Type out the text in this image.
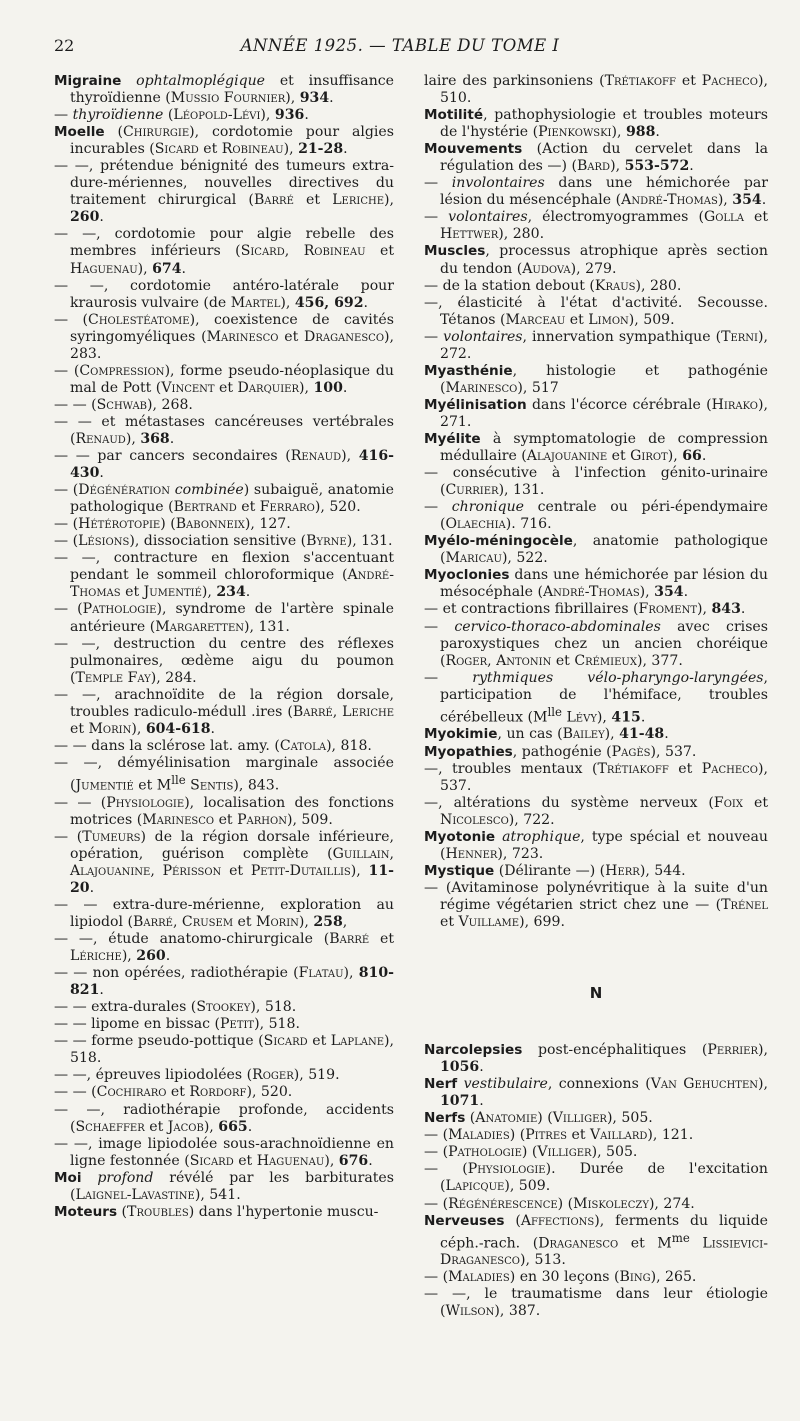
22	ANNÉE 1925. — TABLE DU TOME I
Migraine ophtalmoplégique et insuffisance thyroïdienne (Mussio Fournier), 934.
— thyroïdienne (Léopold-Lévi), 936.
Moelle (Chirurgie), cordotomie pour algies incurables (Sicard et Robineau), 21-28.
— —, prétendue bénignité des tumeurs extra-dure-mériennes, nouvelles directives du traitement chirurgical (Barré et Leriche), 260.
— —, cordotomie pour algie rebelle des membres inférieurs (Sicard, Robineau et Haguenau), 674.
— —, cordotomie antéro-latérale pour kraurosis vulvaire (de Martel), 456, 692.
— (Cholestéatome), coexistence de cavités syringomyéliques (Marinesco et Draganesco), 283.
— (Compression), forme pseudo-néoplasique du mal de Pott (Vincent et Darquier), 100.
— — (Schwab), 268.
— — et métastases cancéreuses vertébrales (Renaud), 368.
— — par cancers secondaires (Renaud), 416-430.
— (Dégénération combinée) subaiguë, anatomie pathologique (Bertrand et Ferraro), 520.
— (Hétérotopie) (Babonneix), 127.
— (Lésions), dissociation sensitive (Byrne), 131.
— —, contracture en flexion s'accentuant pendant le sommeil chloroformique (André-Thomas et Jumentié), 234.
— (Pathologie), syndrome de l'artère spinale antérieure (Margaretten), 131.
— —, destruction du centre des réflexes pulmonaires, œdème aigu du poumon (Temple Fay), 284.
— —, arachnoïdite de la région dorsale, troubles radiculo-médull .ires (Barré, Leriche et Morin), 604-618.
— — dans la sclérose lat. amy. (Catola), 818.
— —, démyélinisation marginale associée (Jumentié et $M^{lle}$ Sentis), 843.
— — (Physiologie), localisation des fonctions motrices (Marinesco et Parhon), 509.
— (Tumeurs) de la région dorsale inférieure, opération, guérison complète (Guillain, Alajouanine, Périsson et Petit-Dutaillis), 11-20.
— — extra-dure-mérienne, exploration au lipiodol (Barré, Crusem et Morin), 258,
— —, étude anatomo-chirurgicale (Barré et Lériche), 260.
— — non opérées, radiothérapie (Flatau), 810-821.
— — extra-durales (Stookey), 518.
— — lipome en bissac (Petit), 518.
— — forme pseudo-pottique (Sicard et Laplane), 518.
— —, épreuves lipiodolées (Roger), 519.
— — (Cochiraro et Rordorf), 520.
— —, radiothérapie profonde, accidents (Schaeffer et Jacob), 665.
— —, image lipiodolée sous-arachnoïdienne en ligne festonnée (Sicard et Haguenau), 676.
Moi profond révélé par les barbiturates (Laignel-Lavastine), 541.
Moteurs (Troubles) dans l'hypertonie muscu-
laire des parkinsoniens (Trétiakoff et Pacheco), 510.
Motilité, pathophysiologie et troubles moteurs de l'hystérie (Pienkowski), 988.
Mouvements (Action du cervelet dans la régulation des —) (Bard), 553-572.
— involontaires dans une hémichorée par lésion du mésencéphale (André-Thomas), 354.
— volontaires, électromyogrammes (Golla et Hettwer), 280.
Muscles, processus atrophique après section du tendon (Audova), 279.
— de la station debout (Kraus), 280.
—, élasticité à l'état d'activité. Secousse. Tétanos (Marceau et Limon), 509.
— volontaires, innervation sympathique (Terni), 272.
Myasthénie, histologie et pathogénie (Marinesco), 517
Myélinisation dans l'écorce cérébrale (Hirako), 271.
Myélite à symptomatologie de compression médullaire (Alajouanine et Girot), 66.
— consécutive à l'infection génito-urinaire (Currier), 131.
— chronique centrale ou péri-épendymaire (Olaechia). 716.
Myélo-méningocèle, anatomie pathologique (Maricau), 522.
Myoclonies dans une hémichorée par lésion du mésocéphale (André-Thomas), 354.
— et contractions fibrillaires (Froment), 843.
— cervico-thoraco-abdominales avec crises paroxystiques chez un ancien choréique (Roger, Antonin et Crémieux), 377.
— rythmiques vélo-pharyngo-laryngées, participation de l'hémiface, troubles cérébelleux ($M^{lle}$ Lévy), 415.
Myokimie, un cas (Bailey), 41-48.
Myopathies, pathogénie (Pagès), 537.
—, troubles mentaux (Trétiakoff et Pacheco), 537.
—, altérations du système nerveux (Foix et Nicolesco), 722.
Myotonie atrophique, type spécial et nouveau (Henner), 723.
Mystique (Délirante —) (Herr), 544.
— (Avitaminose polynévritique à la suite d'un régime végétarien strict chez une — (Trénel et Vuillame), 699.
N
Narcolepsies post-encéphalitiques (Perrier), 1056.
Nerf vestibulaire, connexions (Van Gehuchten), 1071.
Nerfs (Anatomie) (Villiger), 505.
— (Maladies) (Pitres et Vaillard), 121.
— (Pathologie) (Villiger), 505.
— (Physiologie). Durée de l'excitation (Lapicque), 509.
— (Régénérescence) (Miskoleczy), 274.
Nerveuses (Affections), ferments du liquide céph.-rach. (Draganesco et $M^{me}$ Lissievici-Draganesco), 513.
— (Maladies) en 30 leçons (Bing), 265.
— —, le traumatisme dans leur étiologie (Wilson), 387.
